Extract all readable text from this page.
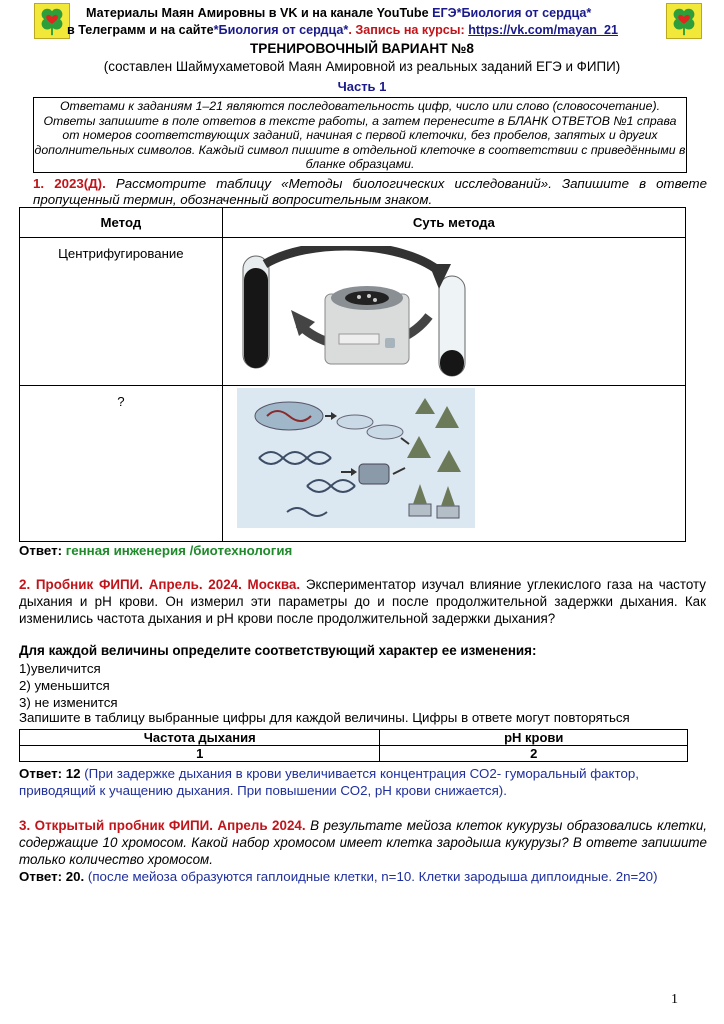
Материалы Маян Амировны в VK и на канале YouTube ЕГЭ*Биология от сердца*
в Телеграмм и на сайте*Биология от сердца*. Запись на курсы: https://vk.com/mayan_21
ТРЕНИРОВОЧНЫЙ ВАРИАНТ №8
(составлен Шаймухаметовой Маян Амировной из реальных заданий ЕГЭ и ФИПИ)
Часть 1
Ответами к заданиям 1–21 являются последовательность цифр, число или слово (словосочетание). Ответы запишите в поле ответов в тексте работы, а затем перенесите в БЛАНК ОТВЕТОВ №1 справа от номеров соответствующих заданий, начиная с первой клеточки, без пробелов, запятых и других дополнительных символов. Каждый символ пишите в отдельной клеточке в соответствии с приведёнными в бланке образцами.
1. 2023(Д). Рассмотрите таблицу «Методы биологических исследований». Запишите в ответе пропущенный термин, обозначенный вопросительным знаком.
Метод	Суть метода
Центрифугирование	

?	
Ответ: генная инженерия /биотехнология
2. Пробник ФИПИ. Апрель. 2024. Москва. Экспериментатор изучал влияние углекислого газа на частоту дыхания и pH крови. Он измерил эти параметры до и после продолжительной задержки дыхания. Как изменились частота дыхания и pH крови после продолжительной задержки дыхания?
Для каждой величины определите соответствующий характер ее изменения:
1)увеличится
2) уменьшится
3) не изменится
Запишите в таблицу выбранные цифры для каждой величины. Цифры в ответе могут повторяться
Частота дыхания	pH крови
1	2
Ответ: 12 (При задержке дыхания в крови увеличивается концентрация СО2- гуморальный фактор, приводящий к учащению дыхания. При повышении СО2, рН крови снижается).
3. Открытый пробник ФИПИ. Апрель 2024. В результате мейоза клеток кукурузы образовались клетки, содержащие 10 хромосом. Какой набор хромосом имеет клетка зародыша кукурузы? В ответе запишите только количество хромосом.
Ответ: 20. (после мейоза образуются гаплоидные клетки, n=10. Клетки зародыша диплоидные. 2n=20)
1
